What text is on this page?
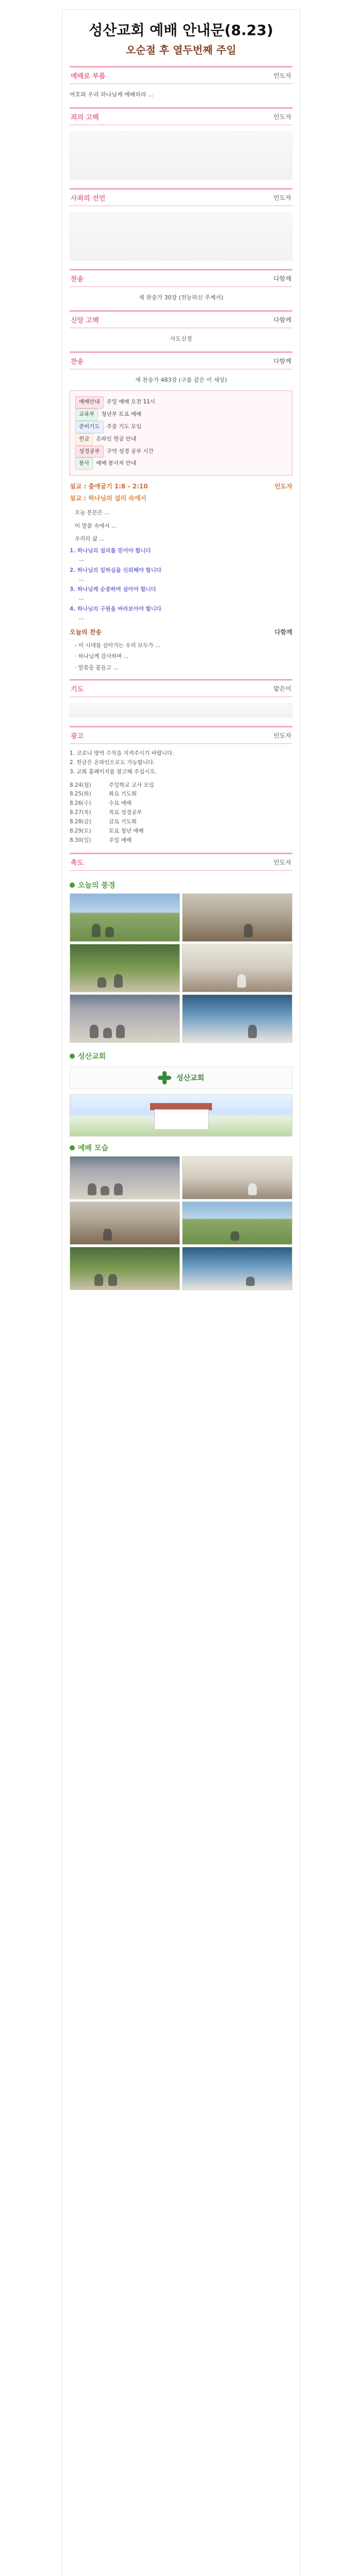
성산교회 예배 안내문(8.23)
오순절 후 열두번째 주일
예배로 부름	인도자
여호와 우리 하나님께 예배하라 ...
죄의 고백	인도자
사죄의 선언	인도자
찬송	다함께
세 찬송가 30장 (전능하신 주께서)
신앙 고백	다함께
사도신경
찬송	다함께
새 찬송가 483장 (구름 같은 이 세상)
예배안내	주일 예배 오전 11시
교육부	청년부 토요 예배
준비기도	주중 기도 모임
헌금	온라인 헌금 안내
성경공부	구약 성경 공부 시간
봉사	예배 봉사자 안내
설교 : 출애굽기 1:8 - 2:10	인도자
설교 : 하나님의 섭리 속에서
오늘 본문은 ...
이 말씀 속에서 ...
우리의 삶 ...
1. 하나님의 섭리를 믿어야 합니다
...
2. 하나님의 일하심을 신뢰해야 합니다
...
3. 하나님께 순종하며 살아야 합니다
...
4. 하나님의 구원을 바라보아야 합니다
...
오늘의 찬송	다함께
- 이 시대를 살아가는 우리 모두가 ...
· 하나님께 감사하며 ...
· 말씀을 붙들고 ...
기도	맡은이
광고	인도자
1. 코로나 방역 수칙을 지켜주시기 바랍니다.
2. 헌금은 온라인으로도 가능합니다.
3. 교회 홈페이지를 참고해 주십시오.
8.24(월)	주일학교 교사 모임
8.25(화)	화요 기도회
8.26(수)	수요 예배
8.27(목)	목요 성경공부
8.28(금)	금요 기도회
8.29(토)	토요 청년 예배
8.30(일)	주일 예배
축도	인도자
오늘의 풍경
성산교회
성산교회
예배 모습
